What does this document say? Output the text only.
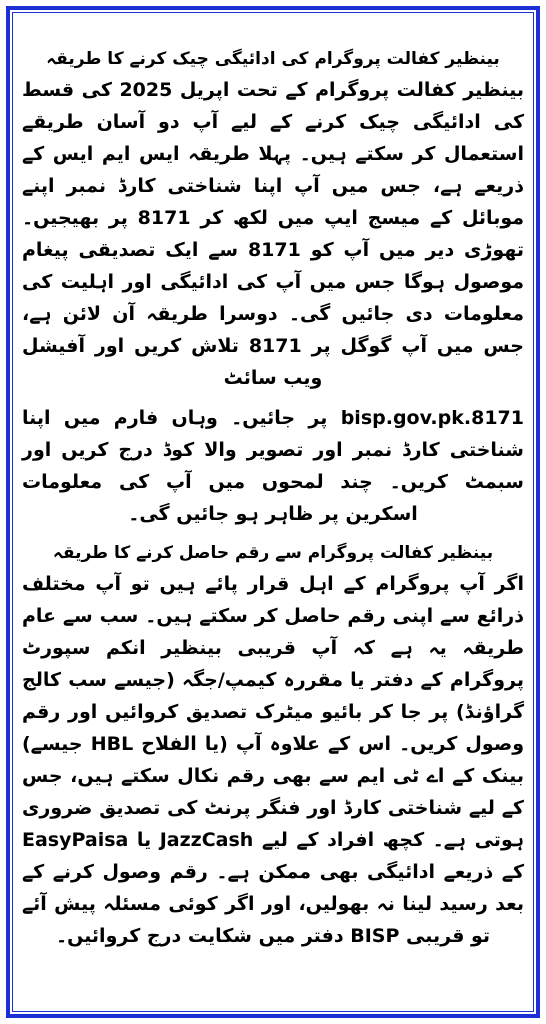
بینظیر کفالت پروگرام کی ادائیگی چیک کرنے کا طریقہ

بینظیر کفالت پروگرام کے تحت اپریل 2025 کی قسط کی ادائیگی چیک کرنے کے لیے آپ دو آسان طریقے استعمال کر سکتے ہیں۔ پہلا طریقہ ایس ایم ایس کے ذریعے ہے، جس میں آپ اپنا شناختی کارڈ نمبر اپنے موبائل کے میسج ایپ میں لکھ کر 8171 پر بھیجیں۔ تھوڑی دیر میں آپ کو 8171 سے ایک تصدیقی پیغام موصول ہوگا جس میں آپ کی ادائیگی اور اہلیت کی معلومات دی جائیں گی۔ دوسرا طریقہ آن لائن ہے، جس میں آپ گوگل پر 8171 تلاش کریں اور آفیشل ویب سائٹ

8171.bisp.gov.pk پر جائیں۔ وہاں فارم میں اپنا شناختی کارڈ نمبر اور تصویر والا کوڈ درج کریں اور سبمٹ کریں۔ چند لمحوں میں آپ کی معلومات اسکرین پر ظاہر ہو جائیں گی۔

بینظیر کفالت پروگرام سے رقم حاصل کرنے کا طریقہ

اگر آپ پروگرام کے اہل قرار پائے ہیں تو آپ مختلف ذرائع سے اپنی رقم حاصل کر سکتے ہیں۔ سب سے عام طریقہ یہ ہے کہ آپ قریبی بینظیر انکم سپورٹ پروگرام کے دفتر یا مقررہ کیمپ/جگہ (جیسے سب کالج گراؤنڈ) پر جا کر بائیو میٹرک تصدیق کروائیں اور رقم وصول کریں۔ اس کے علاوہ آپ (یا الفلاح HBL جیسے) بینک کے اے ٹی ایم سے بھی رقم نکال سکتے ہیں، جس کے لیے شناختی کارڈ اور فنگر پرنٹ کی تصدیق ضروری ہوتی ہے۔ کچھ افراد کے لیے JazzCash یا EasyPaisa کے ذریعے ادائیگی بھی ممکن ہے۔ رقم وصول کرنے کے بعد رسید لینا نہ بھولیں، اور اگر کوئی مسئلہ پیش آئے تو قریبی BISP دفتر میں شکایت درج کروائیں۔
